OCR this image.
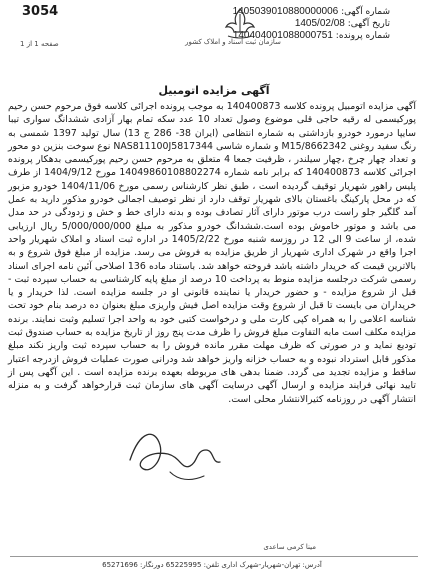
3054	شماره آگهی: 1405039010880000006
تاریخ آگهی: 1405/02/08
شماره پرونده: 140404001088000751
سازمان ثبت اسناد و املاک کشور
صفحه 1 از 1
آگهی مزایده اتومبیل

آگهی مزایده اتومبیل پرونده کلاسه 140400873 به موجب پرونده اجرائی کلاسه فوق مرحوم حسن رحیم پورکیسمی له رقیه حاجی قلی موضوع وصول تعداد 10 عدد سکه تمام بهار آزادی ششدانگ سواری تیبا سایپا درمورد خودرو بازداشتی به شماره انتظامی (ایران 38- 286 ج 13) سال تولید 1397 شمسی به رنگ سفید روغنی M15/8662342 و شماره شاسی NAS811100J5817344 نوع سوخت بنزین دو محور و تعداد چهار چرخ ،چهار سیلندر ، ظرفیت جمعا 4 متعلق به مرحوم حسن رحیم پورکیسمی بدهکار پرونده اجرائی کلاسه 140400873 که برابر نامه شماره 14049860108802274 مورخ 1404/9/12 از طرف پلیس راهور شهریار توقیف گردیده است ، طبق نظر کارشناس رسمی مورخ 1404/11/06 خودرو مزبور که در محل پارکینگ باغستان بالای شهریار توقف دارد از نظر توصیف اجمالی خودرو مذکور دارید به عمل آمد گلگیر جلو راست درب موتور دارای آثار تصادف بوده و بدنه دارای خط و خش و زدودگی در حد مدل می باشد و موتور خاموش بوده است.ششدانگ خودرو مذکور به مبلغ 5/000/000/000 ریال ارزیابی شده، از ساعت 9 الی 12 در روزسه شنبه مورخ 1405/2/22 در اداره ثبت اسناد و املاک شهریار واحد اجرا واقع در شهرک اداری شهریار از طریق مزایده به فروش می رسد. مزایده از مبلغ فوق شروع و به بالاترین قیمت که خریدار داشته باشد فروخته خواهد شد. باستناد ماده 136 اصلاحی آئین نامه اجرای اسناد رسمی شرکت درجلسه مزایده منوط به پرداخت 10 درصد از مبلغ پایه کارشناسی به حساب سپرده ثبت - قبل از شروع مزایده - و حضور خریدار یا نماینده قانونی او در جلسه مزایده است. لذا خریدار و یا خریداران می بایست تا قبل از شروع وقت مزایده اصل فیش واریزی مبلغ بعنوان ده درصد بنام خود تحت شناسه اعلامی را به همراه کپی کارت ملی و درخواست کتبی خود به واحد اجرا تسلیم وثبت نمایند. برنده مزایده مکلف است مابه التفاوت مبلغ فروش را ظرف مدت پنج روز از تاریخ مزایده به حساب صندوق ثبت تودیع نماید و در صورتی که ظرف مهلت مقرر مانده فروش را به حساب سپرده ثبت واریز نکند مبلغ مذکور قابل استرداد نبوده و به حساب خزانه واریز خواهد شد ودرانی صورت عملیات فروش ازدرجه اعتبار ساقط و مزایده تجدید می گردد. ضمنا بدهی های مربوطه بعهده برنده مزایده است . این آگهی پس از تایید نهائی فرایند مزایده و ارسال آگهی درسایت آگهی های سازمان ثبت قرارخواهد گرفت و به منزله انتشار آگهی در روزنامه کثیرالانتشار محلی است.

مینا کرمی ساعدی
آدرس: تهران-شهریار-شهرک اداری تلفن: 65225995 دورنگار: 65271696
